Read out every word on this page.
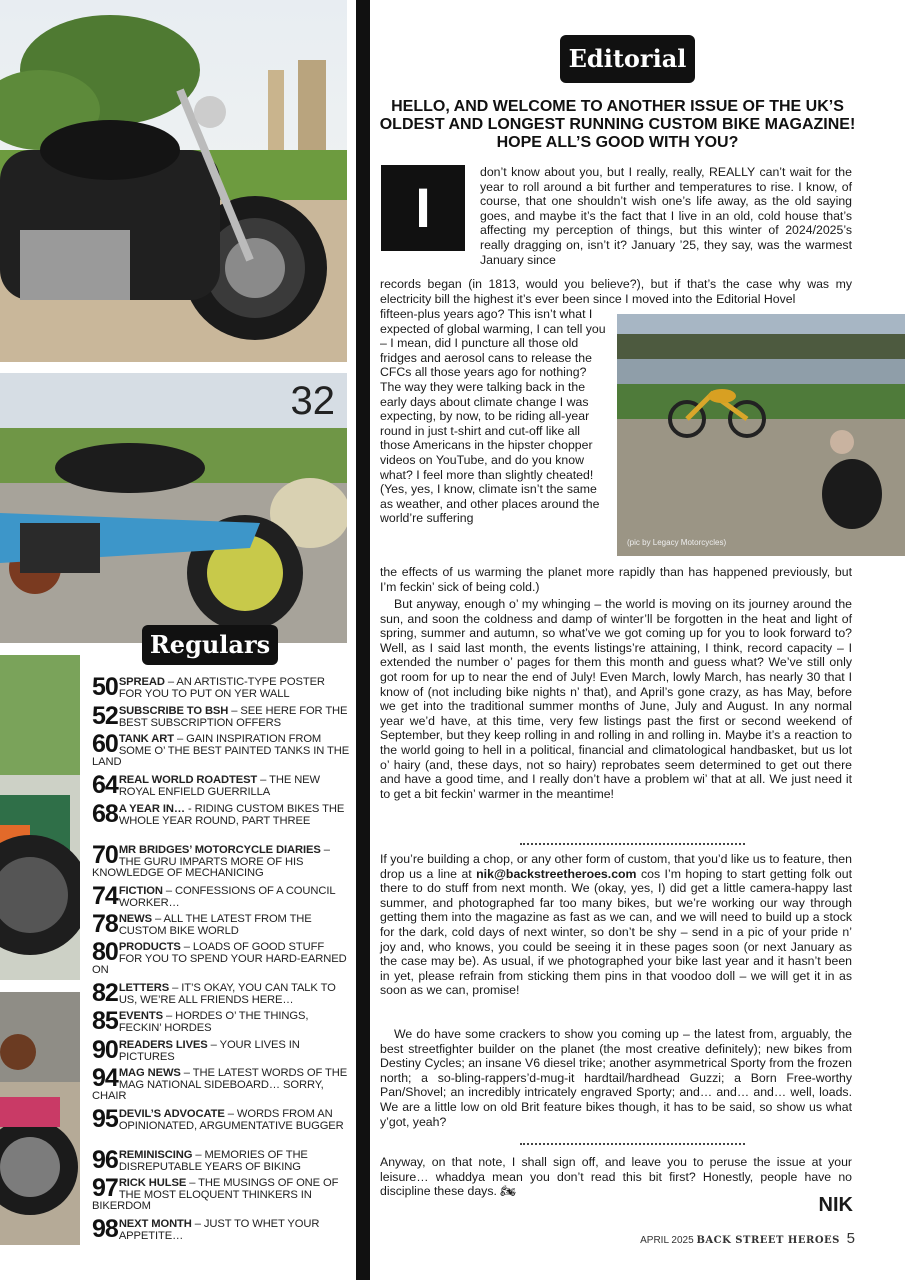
32
Regulars
50 SPREAD – AN ARTISTIC-TYPE POSTER FOR YOU TO PUT ON YER WALL
52 SUBSCRIBE TO BSH – SEE HERE FOR THE BEST SUBSCRIPTION OFFERS
60 TANK ART – GAIN INSPIRATION FROM SOME O’ THE BEST PAINTED TANKS IN THE LAND
64 REAL WORLD ROADTEST – THE NEW ROYAL ENFIELD GUERRILLA
68 A YEAR IN… - RIDING CUSTOM BIKES THE WHOLE YEAR ROUND, PART THREE
70 MR BRIDGES’ MOTORCYCLE DIARIES – THE GURU IMPARTS MORE OF HIS KNOWLEDGE OF MECHANICING
74 FICTION – CONFESSIONS OF A COUNCIL WORKER…
78 NEWS – ALL THE LATEST FROM THE CUSTOM BIKE WORLD
80 PRODUCTS – LOADS OF GOOD STUFF FOR YOU TO SPEND YOUR HARD-EARNED ON
82 LETTERS – IT’S OKAY, YOU CAN TALK TO US, WE’RE ALL FRIENDS HERE…
85 EVENTS – HORDES O’ THE THINGS, FECKIN’ HORDES
90 READERS LIVES – YOUR LIVES IN PICTURES
94 MAG NEWS – THE LATEST WORDS OF THE MAG NATIONAL SIDEBOARD… SORRY, CHAIR
95 DEVIL’S ADVOCATE – WORDS FROM AN OPINIONATED, ARGUMENTATIVE BUGGER
96 REMINISCING – MEMORIES OF THE DISREPUTABLE YEARS OF BIKING
97 RICK HULSE – THE MUSINGS OF ONE OF THE MOST ELOQUENT THINKERS IN BIKERDOM
98 NEXT MONTH – JUST TO WHET YOUR APPETITE…
Editorial
HELLO, AND WELCOME TO ANOTHER ISSUE OF THE UK’S OLDEST AND LONGEST RUNNING CUSTOM BIKE MAGAZINE! HOPE ALL’S GOOD WITH YOU?
I
don’t know about you, but I really, really, REALLY can’t wait for the year to roll around a bit further and temperatures to rise. I know, of course, that one shouldn’t wish one’s life away, as the old saying goes, and maybe it’s the fact that I live in an old, cold house that’s affecting my perception of things, but this winter of 2024/2025’s really dragging on, isn’t it? January ’25, they say, was the warmest January since
records began (in 1813, would you believe?), but if that’s the case why was my electricity bill the highest it’s ever been since I moved into the Editorial Hovel
fifteen-plus years ago? This isn’t what I expected of global warming, I can tell you – I mean, did I puncture all those old fridges and aerosol cans to release the CFCs all those years ago for nothing? The way they were talking back in the early days about climate change I was expecting, by now, to be riding all-year round in just t-shirt and cut-off like all those Americans in the hipster chopper videos on YouTube, and do you know what? I feel more than slightly cheated! (Yes, yes, I know, climate isn’t the same as weather, and other places around the world’re suffering
(pic by Legacy Motorcycles)
the effects of us warming the planet more rapidly than has happened previously, but I’m feckin’ sick of being cold.)
But anyway, enough o’ my whinging – the world is moving on its journey around the sun, and soon the coldness and damp of winter’ll be forgotten in the heat and light of spring, summer and autumn, so what’ve we got coming up for you to look forward to? Well, as I said last month, the events listings’re attaining, I think, record capacity – I extended the number o’ pages for them this month and guess what? We’ve still only got room for up to near the end of July! Even March, lowly March, has nearly 30 that I know of (not including bike nights n’ that), and April’s gone crazy, as has May, before we get into the traditional summer months of June, July and August. In any normal year we’d have, at this time, very few listings past the first or second weekend of September, but they keep rolling in and rolling in and rolling in. Maybe it’s a reaction to the world going to hell in a political, financial and climatological handbasket, but us lot o’ hairy (and, these days, not so hairy) reprobates seem determined to get out there and have a good time, and I really don’t have a problem wi’ that at all. We just need it to get a bit feckin’ warmer in the meantime!
If you’re building a chop, or any other form of custom, that you’d like us to feature, then drop us a line at nik@backstreetheroes.com cos I’m hoping to start getting folk out there to do stuff from next month. We (okay, yes, I) did get a little camera-happy last summer, and photographed far too many bikes, but we’re working our way through getting them into the magazine as fast as we can, and we will need to build up a stock for the dark, cold days of next winter, so don’t be shy – send in a pic of your pride n’ joy and, who knows, you could be seeing it in these pages soon (or next January as the case may be). As usual, if we photographed your bike last year and it hasn’t been in yet, please refrain from sticking them pins in that voodoo doll – we will get it in as soon as we can, promise!
We do have some crackers to show you coming up – the latest from, arguably, the best streetfighter builder on the planet (the most creative definitely); new bikes from Destiny Cycles; an insane V6 diesel trike; another asymmetrical Sporty from the frozen north; a so-bling-rappers’d-mug-it hardtail/hardhead Guzzi; a Born Free-worthy Pan/Shovel; an incredibly intricately engraved Sporty; and… and… and… well, loads. We are a little low on old Brit feature bikes though, it has to be said, so show us what y’got, yeah?
Anyway, on that note, I shall sign off, and leave you to peruse the issue at your leisure… whaddya mean you don’t read this bit first? Honestly, people have no discipline these days. 🏍
NIK
APRIL 2025 BACK STREET HEROES 5
